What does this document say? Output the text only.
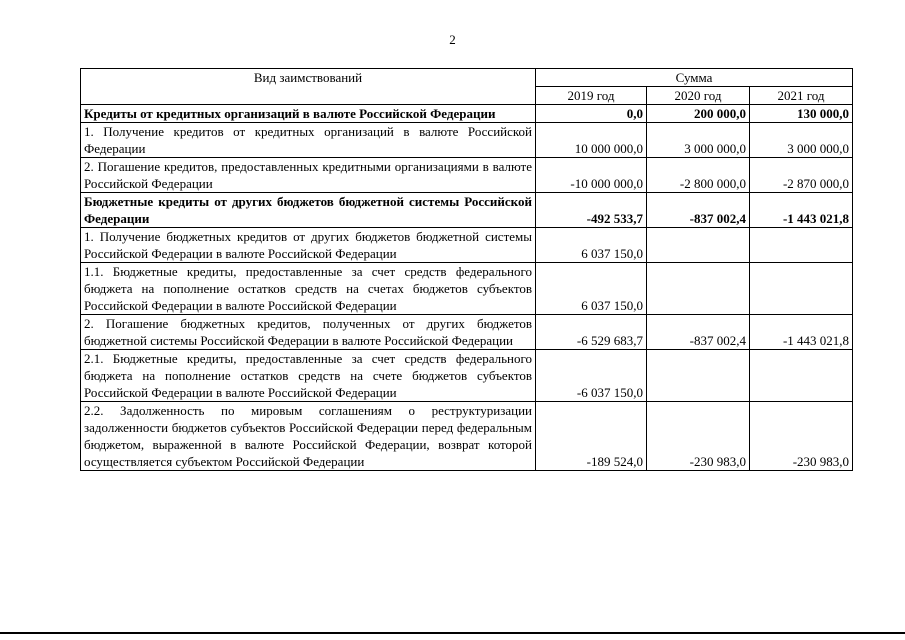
2
Вид заимствований	Сумма		
	2019 год	2020 год	2021 год
Кредиты от кредитных организаций в валюте Российской Федерации	0,0	200 000,0	130 000,0
1. Получение кредитов от кредитных организаций в валюте Российской Федерации	10 000 000,0	3 000 000,0	3 000 000,0
2. Погашение кредитов, предоставленных кредитными организациями в валюте Российской Федерации	-10 000 000,0	-2 800 000,0	-2 870 000,0
Бюджетные кредиты от других бюджетов бюджетной системы Российской Федерации	-492 533,7	-837 002,4	-1 443 021,8
1. Получение бюджетных кредитов от других бюджетов бюджетной системы Российской Федерации в валюте Российской Федерации	6 037 150,0		
1.1. Бюджетные кредиты, предоставленные за счет средств федерального бюджета на пополнение остатков средств на счетах бюджетов субъектов Российской Федерации в валюте Российской Федерации	6 037 150,0		
2. Погашение бюджетных кредитов, полученных от других бюджетов бюджетной системы Российской Федерации в валюте Российской Федерации	-6 529 683,7	-837 002,4	-1 443 021,8
2.1. Бюджетные кредиты, предоставленные за счет средств федерального бюджета на пополнение остатков средств на счете бюджетов субъектов Российской Федерации в валюте Российской Федерации	-6 037 150,0		
2.2. Задолженность по мировым соглашениям о реструктуризации задолженности бюджетов субъектов Российской Федерации перед федеральным бюджетом, выраженной в валюте Российской Федерации, возврат которой осуществляется субъектом Российской Федерации	-189 524,0	-230 983,0	-230 983,0
